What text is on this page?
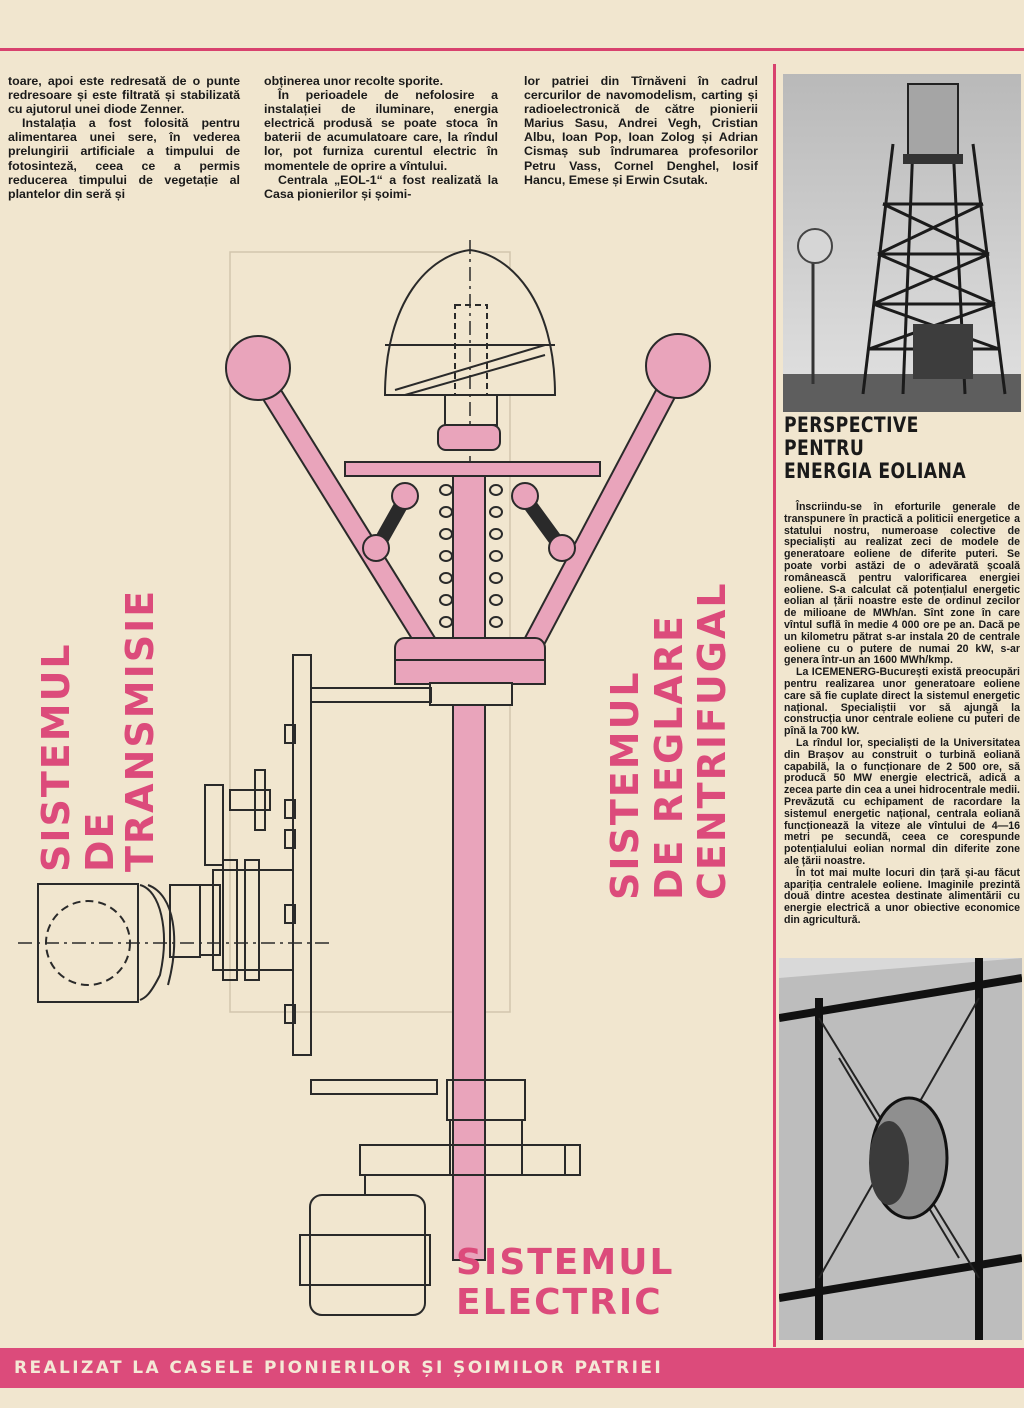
toare, apoi este redresată de o punte redresoare și este filtrată și stabilizată cu ajutorul unei diode Zenner.

Instalația a fost folosită pentru alimentarea unei sere, în vederea prelungirii artificiale a timpului de fotosinteză, ceea ce a permis reducerea timpului de vegetație al plantelor din seră și

obținerea unor recolte sporite.

În perioadele de nefolosire a instalației de iluminare, energia electrică produsă se poate stoca în baterii de acumulatoare care, la rîndul lor, pot furniza curentul electric în momentele de oprire a vîntului.

Centrala „EOL-1“ a fost realizată la Casa pionierilor și șoimi-

lor patriei din Tîrnăveni în cadrul cercurilor de navomodelism, carting și radioelectronică de către pionierii Marius Sasu, Andrei Vegh, Cristian Albu, Ioan Pop, Ioan Zolog și Adrian Cismaș sub îndrumarea profesorilor Petru Vass, Cornel Denghel, Iosif Hancu, Emese și Erwin Csutak.

PERSPECTIVE
PENTRU
ENERGIA EOLIANA

Înscriindu-se în eforturile generale de transpunere în practică a politicii energetice a statului nostru, numeroase colective de specialiști au realizat zeci de modele de generatoare eoliene de diferite puteri. Se poate vorbi astăzi de o adevărată școală românească pentru valorificarea energiei eoliene. S-a calculat că potențialul energetic eolian al țării noastre este de ordinul zecilor de milioane de MWh/an. Sînt zone în care vîntul suflă în medie 4 000 ore pe an. Dacă pe un kilometru pătrat s-ar instala 20 de centrale eoliene cu o putere de numai 20 kW, s-ar genera într-un an 1600 MWh/kmp.

La ICEMENERG-București există preocupări pentru realizarea unor generatoare eoliene care să fie cuplate direct la sistemul energetic național. Specialiștii vor să ajungă la construcția unor centrale eoliene cu puteri de pînă la 700 kW.

La rîndul lor, specialiști de la Universitatea din Brașov au construit o turbină eoliană capabilă, la o funcționare de 2 500 ore, să producă 50 MW energie electrică, adică a zecea parte din cea a unei hidrocentrale medii. Prevăzută cu echipament de racordare la sistemul energetic național, centrala eoliană funcționează la viteze ale vîntului de 4—16 metri pe secundă, ceea ce corespunde potențialului eolian normal din diferite zone ale țării noastre.

În tot mai multe locuri din țară și-au făcut apariția centralele eoliene. Imaginile prezintă două dintre acestea destinate alimentării cu energie electrică a unor obiective economice din agricultură.

SISTEMUL DE
TRANSMISIE	SISTEMUL DE REGLARE CENTRIFUGAL
SISTEMUL
ELECTRIC
REALIZAT LA CASELE PIONIERILOR ȘI ȘOIMILOR PATRIEI
